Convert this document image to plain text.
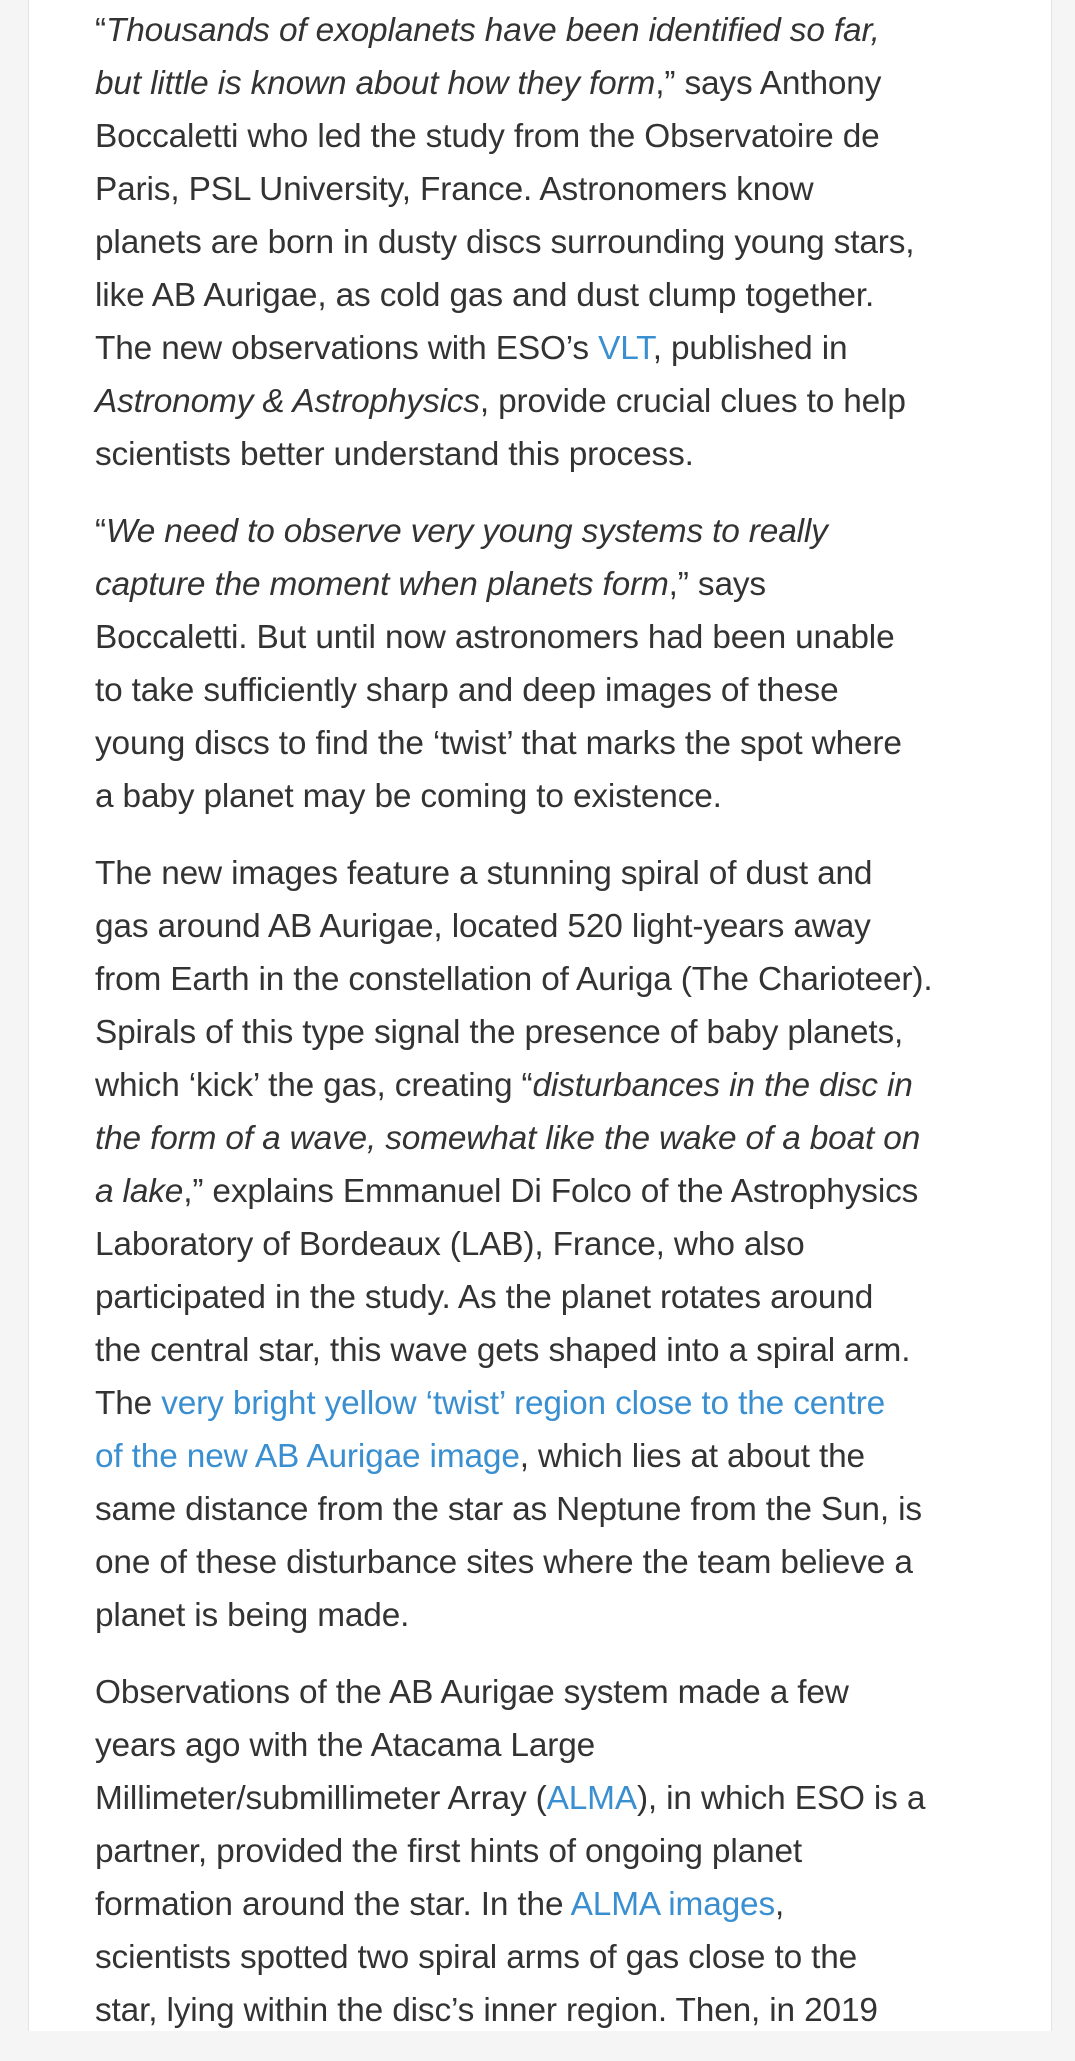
“Thousands of exoplanets have been identified so far,
but little is known about how they form,” says Anthony
Boccaletti who led the study from the Observatoire de
Paris, PSL University, France. Astronomers know
planets are born in dusty discs surrounding young stars,
like AB Aurigae, as cold gas and dust clump together.
The new observations with ESO’s VLT, published in
Astronomy & Astrophysics, provide crucial clues to help
scientists better understand this process.

“We need to observe very young systems to really
capture the moment when planets form,” says
Boccaletti. But until now astronomers had been unable
to take sufficiently sharp and deep images of these
young discs to find the ‘twist’ that marks the spot where
a baby planet may be coming to existence.

The new images feature a stunning spiral of dust and
gas around AB Aurigae, located 520 light-years away
from Earth in the constellation of Auriga (The Charioteer).
Spirals of this type signal the presence of baby planets,
which ‘kick’ the gas, creating “disturbances in the disc in
the form of a wave, somewhat like the wake of a boat on
a lake,” explains Emmanuel Di Folco of the Astrophysics
Laboratory of Bordeaux (LAB), France, who also
participated in the study. As the planet rotates around
the central star, this wave gets shaped into a spiral arm.
The very bright yellow ‘twist’ region close to the centre
of the new AB Aurigae image, which lies at about the
same distance from the star as Neptune from the Sun, is
one of these disturbance sites where the team believe a
planet is being made.

Observations of the AB Aurigae system made a few
years ago with the Atacama Large
Millimeter/submillimeter Array (ALMA), in which ESO is a
partner, provided the first hints of ongoing planet
formation around the star. In the ALMA images,
scientists spotted two spiral arms of gas close to the
star, lying within the disc’s inner region. Then, in 2019
